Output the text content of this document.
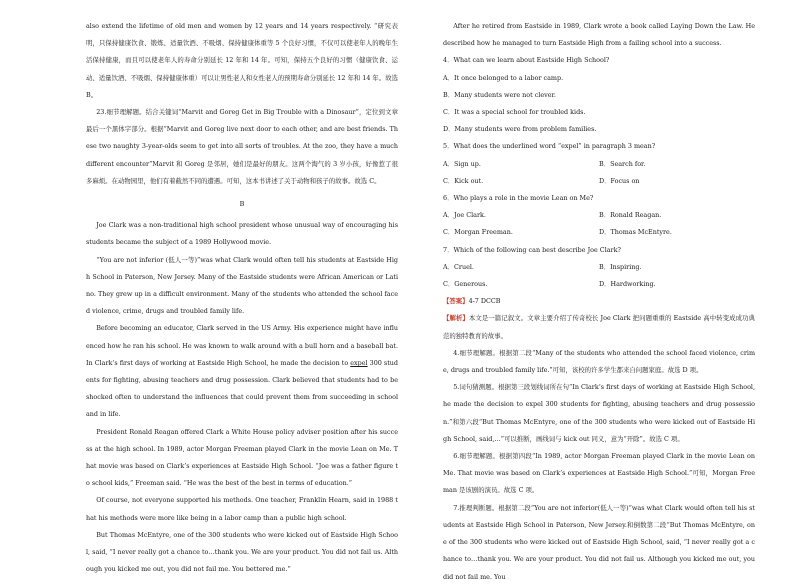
also extend the lifetime of old men and women by 12 years and 14 years respectively. “研究表明，只保持健康饮食、锻炼、适量饮酒、不吸烟、保持健康体重等 5 个良好习惯，不仅可以使老年人的晚年生活保持健康，而且可以使老年人的寿命分别延长 12 年和 14 年。可知，保持五个良好的习惯（健康饮食、运动、适量饮酒、不吸烟、保持健康体重）可以让男性老人和女性老人的预期寿命分别延长 12 年和 14 年。故选 B。

23.细节理解题。结合关键词“Marvit and Goreg Get in Big Trouble with a Dinosaur”，定位到文章最后一个黑体字部分。根据“Marvit and Goreg live next door to each other, and are best friends. These two naughty 3-year-olds seem to get into all sorts of troubles. At the zoo, they have a much different encounter”Marvit 和 Goreg 是邻居，她们是最好的朋友。这两个淘气的 3 岁小孩，好像惹了很多麻烦。在动物园里，他们有着截然不同的遭遇。可知，这本书讲述了关于动物和孩子的故事。故选 C。

B

Joe Clark was a non-traditional high school president whose unusual way of encouraging his students became the subject of a 1989 Hollywood movie.

“You are not inferior (低人一等)”was what Clark would often tell his students at Eastside High School in Paterson, New Jersey. Many of the Eastside students were African American or Latino. They grew up in a difficult environment. Many of the students who attended the school faced violence, crime, drugs and troubled family life.

Before becoming an educator, Clark served in the US Army. His experience might have influenced how he ran his school. He was known to walk around with a bull horn and a baseball bat. In Clark’s first days of working at Eastside High School, he made the decision to expel 300 students for fighting, abusing teachers and drug possession. Clark believed that students had to be shocked often to understand the influences that could prevent them from succeeding in school and in life.

President Ronald Reagan offered Clark a White House policy adviser position after his success at the high school. In 1989, actor Morgan Freeman played Clark in the movie Lean on Me. That movie was based on Clark’s experiences at Eastside High School. “Joe was a father figure to school kids,” Freeman said. “He was the best of the best in terms of education.”

Of course, not everyone supported his methods. One teacher, Franklin Hearn, said in 1988 that his methods were more like being in a labor camp than a public high school.

But Thomas McEntyre, one of the 300 students who were kicked out of Eastside High School, said, “I never really got a chance to…thank you. We are your product. You did not fail us. Although you kicked me out, you did not fail me. You bettered me.”

After he retired from Eastside in 1989, Clark wrote a book called Laying Down the Law. He described how he managed to turn Eastside High from a failing school into a success.

4．What can we learn about Eastside High School?

A．It once belonged to a labor camp.

B．Many students were not clever.

C．It was a special school for troubled kids.

D．Many students were from problem families.

5．What does the underlined word “expel” in paragraph 3 mean?

A．Sign up.	B．Search for.
C．Kick out.	D．Focus on

6．Who plays a role in the movie Lean on Me?

A．Joe Clark.	B．Ronald Reagan.
C．Morgan Freeman.	D．Thomas McEntyre.

7．Which of the following can best describe Joe Clark?

A．Cruel.	B．Inspiring.
C．Generous.	D．Hardworking.

【答案】4-7 DCCB

【解析】本文是一篇记叙文。文章主要介绍了传奇校长 Joe Clark 把问题重重的 Eastside 高中转变成成功典范的独特教育的故事。

4.细节理解题。根据第二段“Many of the students who attended the school faced violence, crime, drugs and troubled family life.”可知，该校的许多学生都来自问题家庭。故选 D 项。

5.词句猜测题。根据第三段划线词所在句“In Clark’s first days of working at Eastside High School, he made the decision to expel 300 students for fighting, abusing teachers and drug possession.”和第六段“But Thomas McEntyre, one of the 300 students who were kicked out of Eastside High School, said,…”可以推断，画线词与 kick out 同义，意为“开除”。故选 C 项。

6.细节理解题。根据第四段“In 1989, actor Morgan Freeman played Clark in the movie Lean on Me. That movie was based on Clark’s experiences at Eastside High School.”可知，Morgan Freeman 是该剧的演员。故选 C 项。

7.推理判断题。根据第二段“You are not inferior(低人一等)”was what Clark would often tell his students at Eastside High School in Paterson, New Jersey.和倒数第二段“But Thomas McEntyre, one of the 300 students who were kicked out of Eastside High School, said, “I never really got a chance to…thank you. We are your product. You did not fail us. Although you kicked me out, you did not fail me. You
